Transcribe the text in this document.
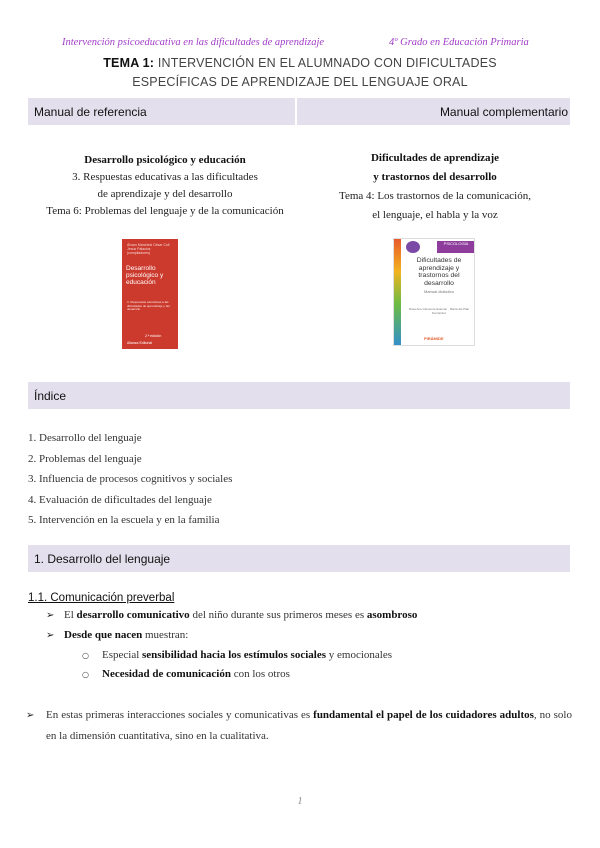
Intervención psicoeducativa en las dificultades de aprendizaje	4º Grado en Educación Primaria
TEMA 1: INTERVENCIÓN EN EL ALUMNADO CON DIFICULTADES
ESPECÍFICAS DE APRENDIZAJE DEL LENGUAJE ORAL
Manual de referencia	Manual complementario
Desarrollo psicológico y educación
3. Respuestas educativas a las dificultades
de aprendizaje y del desarrollo
Tema 6: Problemas del lenguaje y de la comunicación
Álvaro Marchesi César Coll Jesús Palacios (compiladores)
Desarrollo psicológico y educación
3. Respuestas educativas a las dificultades de aprendizaje y del desarrollo
2.ª edición
Alianza Editorial
Dificultades de aprendizaje
y trastornos del desarrollo
Tema 4: Los trastornos de la comunicación,
el lenguaje, el habla y la voz
PSICOLOGÍA
Dificultades de aprendizaje y trastornos del desarrollo
Manual didáctico
Rosa Ana Clemente Estevan · María del Pilar Fernández
PIRÁMIDE
Índice
1. Desarrollo del lenguaje
2. Problemas del lenguaje
3. Influencia de procesos cognitivos y sociales
4. Evaluación de dificultades del lenguaje
5. Intervención en la escuela y en la familia
1. Desarrollo del lenguaje
1.1. Comunicación preverbal
➢ El desarrollo comunicativo del niño durante sus primeros meses es asombroso
➢ Desde que nacen muestran:
○ Especial sensibilidad hacia los estímulos sociales y emocionales
○ Necesidad de comunicación con los otros
➢	En estas primeras interacciones sociales y comunicativas es fundamental el papel de los cuidadores adultos, no solo en la dimensión cuantitativa, sino en la cualitativa.
1
